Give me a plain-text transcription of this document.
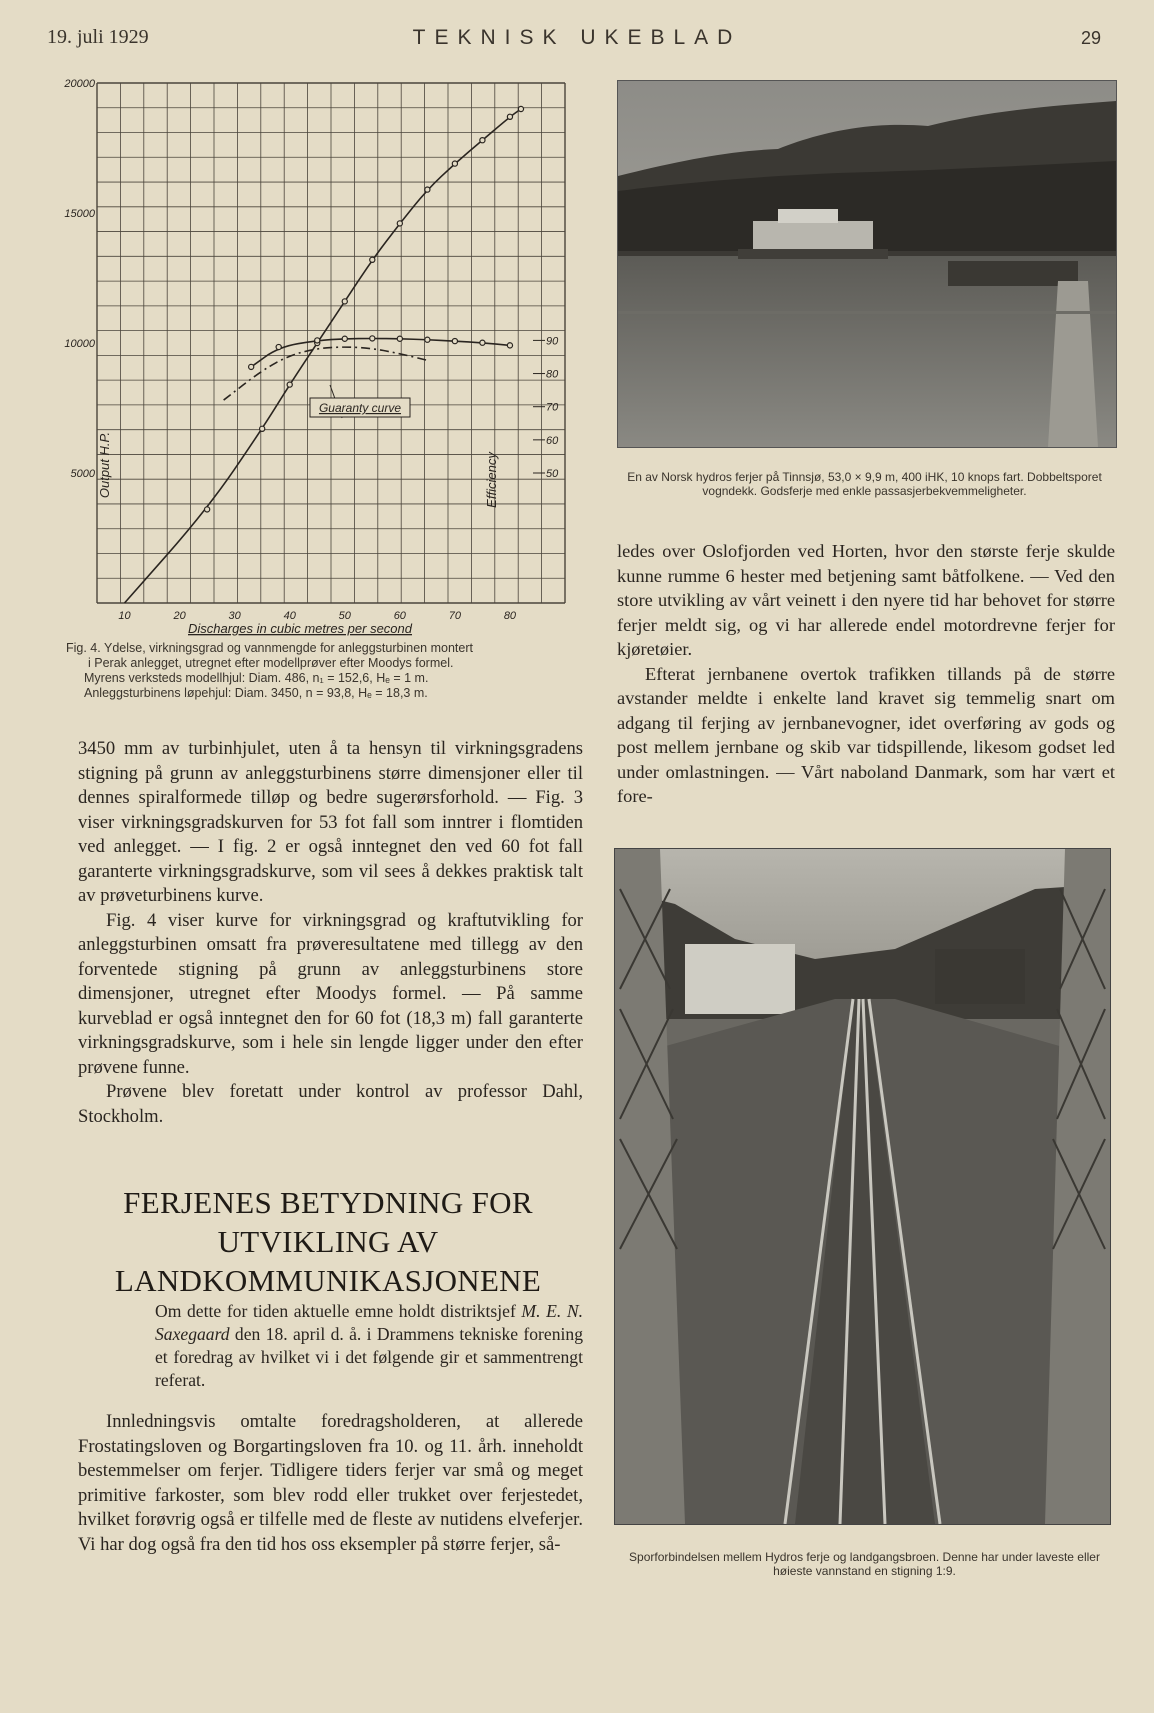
19. juli 1929	TEKNISK UKEBLAD	29
5000
10000
15000
20000
50
60
70
80
90
10	20	30	40	50	60	70	80
Output H.P.	Efficiency
Discharges in cubic metres per second
Guaranty curve
Fig. 4. Ydelse, virkningsgrad og vannmengde for anleggsturbinen montert
i Perak anlegget, utregnet efter modellprøver efter Moodys formel.
Myrens verksteds modellhjul: Diam. 486, n₁ = 152,6, Hₑ = 1 m.
Anleggsturbinens løpehjul: Diam. 3450, n = 93,8, Hₑ = 18,3 m.

3450 mm av turbinhjulet, uten å ta hensyn til virkningsgradens stigning på grunn av anleggsturbinens større dimensjoner eller til dennes spiralformede tilløp og bedre sugerørsforhold. — Fig. 3 viser virkningsgradskurven for 53 fot fall som inntrer i flomtiden ved anlegget. — I fig. 2 er også inntegnet den ved 60 fot fall garanterte virkningsgradskurve, som vil sees å dekkes praktisk talt av prøveturbinens kurve.

Fig. 4 viser kurve for virkningsgrad og kraftutvikling for anleggsturbinen omsatt fra prøveresultatene med tillegg av den forventede stigning på grunn av anleggsturbinens store dimensjoner, utregnet efter Moodys formel. — På samme kurveblad er også inntegnet den for 60 fot (18,3 m) fall garanterte virkningsgradskurve, som i hele sin lengde ligger under den efter prøvene funne.

Prøvene blev foretatt under kontrol av professor Dahl, Stockholm.

FERJENES BETYDNING FOR UTVIKLING AV LANDKOMMUNIKASJONENE
Om dette for tiden aktuelle emne holdt distriktsjef M. E. N. Saxegaard den 18. april d. å. i Drammens tekniske forening et foredrag av hvilket vi i det følgende gir et sammentrengt referat.

Innledningsvis omtalte foredragsholderen, at allerede Frostatingsloven og Borgartingsloven fra 10. og 11. årh. inneholdt bestemmelser om ferjer. Tidligere tiders ferjer var små og meget primitive farkoster, som blev rodd eller trukket over ferjestedet, hvilket forøvrig også er tilfelle med de fleste av nutidens elveferjer. Vi har dog også fra den tid hos oss eksempler på større ferjer, så-

En av Norsk hydros ferjer på Tinnsjø, 53,0 × 9,9 m, 400 iHK, 10 knops fart. Dobbeltsporet vogndekk. Godsferje med enkle passasjerbekvemmeligheter.

ledes over Oslofjorden ved Horten, hvor den største ferje skulde kunne rumme 6 hester med betjening samt båtfolkene. — Ved den store utvikling av vårt veinett i den nyere tid har behovet for større ferjer meldt sig, og vi har allerede endel motordrevne ferjer for kjøretøier.

Efterat jernbanene overtok trafikken tillands på de større avstander meldte i enkelte land kravet sig temmelig snart om adgang til ferjing av jernbanevogner, idet overføring av gods og post mellem jernbane og skib var tidspillende, likesom godset led under omlastningen. — Vårt naboland Danmark, som har vært et fore-

Sporforbindelsen mellem Hydros ferje og landgangsbroen. Denne har under laveste eller høieste vannstand en stigning 1:9.
